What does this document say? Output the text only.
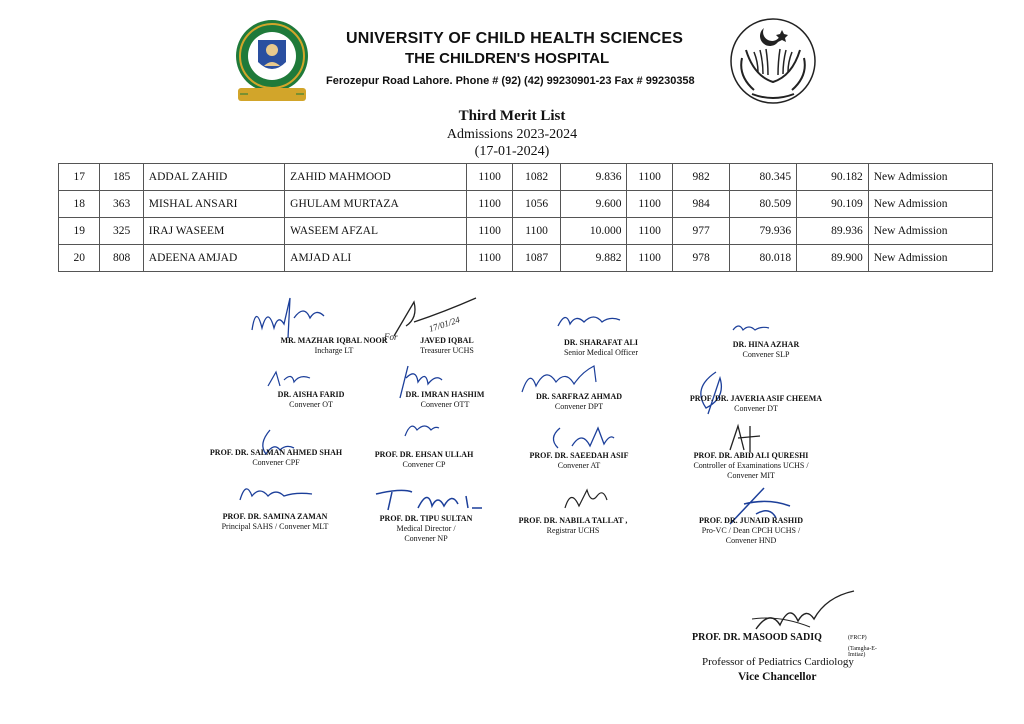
UNIVERSITY OF CHILD HEALTH SCIENCES
THE CHILDREN'S HOSPITAL
Ferozepur Road Lahore. Phone # (92) (42) 99230901-23 Fax # 99230358
Third Merit List
Admissions 2023-2024
(17-01-2024)
17	185	ADDAL ZAHID	ZAHID MAHMOOD	1100	1082	9.836	1100	982	80.345	90.182	New Admission
18	363	MISHAL ANSARI	GHULAM MURTAZA	1100	1056	9.600	1100	984	80.509	90.109	New Admission
19	325	IRAJ WASEEM	WASEEM AFZAL	1100	1100	10.000	1100	977	79.936	89.936	New Admission
20	808	ADEENA AMJAD	AMJAD ALI	1100	1087	9.882	1100	978	80.018	89.900	New Admission
For
17/01/24
MR. MAZHAR IQBAL NOOR
Incharge LT
JAVED IQBAL
Treasurer UCHS
DR. SHARAFAT ALI
Senior Medical Officer
DR. HINA AZHAR
Convener SLP
DR. AISHA FARID
Convener OT
DR. IMRAN HASHIM
Convener OTT
DR. SARFRAZ AHMAD
Convener DPT
PROF. DR. JAVERIA ASIF CHEEMA
Convener DT
PROF. DR. SALMAN AHMED SHAH
Convener CPF
PROF. DR. EHSAN ULLAH
Convener CP
PROF. DR. SAEEDAH ASIF
Convener AT
PROF. DR. ABID ALI QURESHI
Controller of Examinations UCHS /
Convener MIT
PROF. DR. SAMINA ZAMAN
Principal SAHS / Convener MLT
PROF. DR. TIPU SULTAN
Medical Director /
Convener NP
PROF. DR. NABILA TALLAT ,
Registrar UCHS
PROF. DR. JUNAID RASHID
Pro-VC / Dean CPCH UCHS /
Convener HND
PROF. DR. MASOOD SADIQ	(FRCP)
(Tamgha-E-Imtiaz)
Professor of Pediatrics Cardiology
Vice Chancellor
